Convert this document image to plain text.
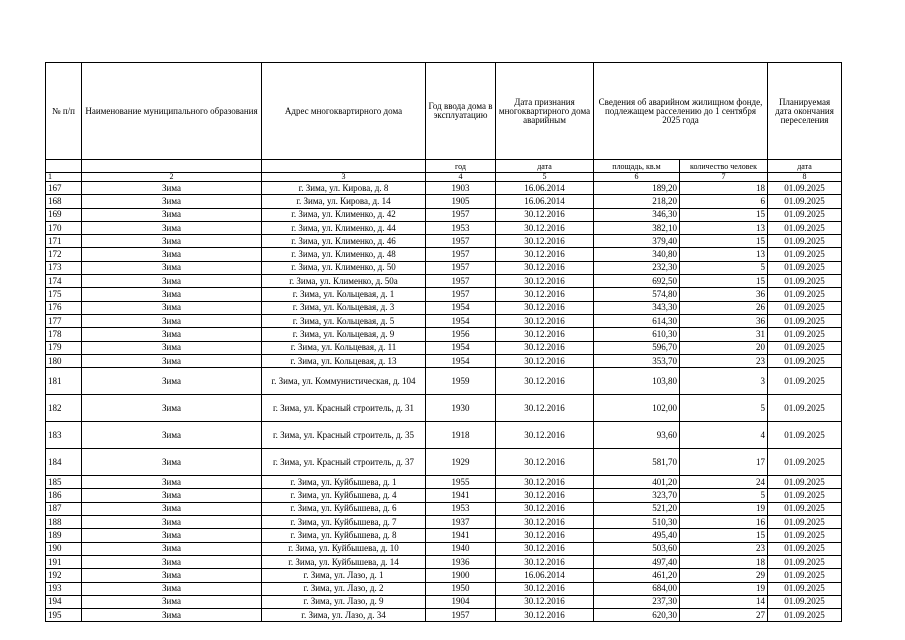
№ п/п	Наименование муниципального образования	Адрес многоквартирного дома	Год ввода дома в эксплуатацию	Дата признания многоквартирного дома аварийным	Сведения об аварийном жилищном фонде, подлежащем расселению до 1 сентября 2025 года		Планируемая дата окончания переселения
			год	дата	площадь, кв.м	количество человек	дата
1	2	3	4	5	6	7	8
167	Зима	г. Зима, ул. Кирова, д. 8	1903	16.06.2014	189,20	18	01.09.2025
168	Зима	г. Зима, ул. Кирова, д. 14	1905	16.06.2014	218,20	6	01.09.2025
169	Зима	г. Зима, ул. Клименко, д. 42	1957	30.12.2016	346,30	15	01.09.2025
170	Зима	г. Зима, ул. Клименко, д. 44	1953	30.12.2016	382,10	13	01.09.2025
171	Зима	г. Зима, ул. Клименко, д. 46	1957	30.12.2016	379,40	15	01.09.2025
172	Зима	г. Зима, ул. Клименко, д. 48	1957	30.12.2016	340,80	13	01.09.2025
173	Зима	г. Зима, ул. Клименко, д. 50	1957	30.12.2016	232,30	5	01.09.2025
174	Зима	г. Зима, ул. Клименко, д. 50а	1957	30.12.2016	692,50	15	01.09.2025
175	Зима	г. Зима, ул. Кольцевая, д. 1	1957	30.12.2016	574,80	36	01.09.2025
176	Зима	г. Зима, ул. Кольцевая, д. 3	1954	30.12.2016	343,30	26	01.09.2025
177	Зима	г. Зима, ул. Кольцевая, д. 5	1954	30.12.2016	614,30	36	01.09.2025
178	Зима	г. Зима, ул. Кольцевая, д. 9	1956	30.12.2016	610,30	31	01.09.2025
179	Зима	г. Зима, ул. Кольцевая, д. 11	1954	30.12.2016	596,70	20	01.09.2025
180	Зима	г. Зима, ул. Кольцевая, д. 13	1954	30.12.2016	353,70	23	01.09.2025
181	Зима	г. Зима, ул. Коммунистическая, д. 104	1959	30.12.2016	103,80	3	01.09.2025
182	Зима	г. Зима, ул. Красный строитель, д. 31	1930	30.12.2016	102,00	5	01.09.2025
183	Зима	г. Зима, ул. Красный строитель, д. 35	1918	30.12.2016	93,60	4	01.09.2025
184	Зима	г. Зима, ул. Красный строитель, д. 37	1929	30.12.2016	581,70	17	01.09.2025
185	Зима	г. Зима, ул. Куйбышева, д. 1	1955	30.12.2016	401,20	24	01.09.2025
186	Зима	г. Зима, ул. Куйбышева, д. 4	1941	30.12.2016	323,70	5	01.09.2025
187	Зима	г. Зима, ул. Куйбышева, д. 6	1953	30.12.2016	521,20	19	01.09.2025
188	Зима	г. Зима, ул. Куйбышева, д. 7	1937	30.12.2016	510,30	16	01.09.2025
189	Зима	г. Зима, ул. Куйбышева, д. 8	1941	30.12.2016	495,40	15	01.09.2025
190	Зима	г. Зима, ул. Куйбышева, д. 10	1940	30.12.2016	503,60	23	01.09.2025
191	Зима	г. Зима, ул. Куйбышева, д. 14	1936	30.12.2016	497,40	18	01.09.2025
192	Зима	г. Зима, ул. Лазо, д. 1	1900	16.06.2014	461,20	29	01.09.2025
193	Зима	г. Зима, ул. Лазо, д. 2	1950	30.12.2016	684,00	19	01.09.2025
194	Зима	г. Зима, ул. Лазо, д. 9	1904	30.12.2016	237,30	14	01.09.2025
195	Зима	г. Зима, ул. Лазо, д. 34	1957	30.12.2016	620,30	27	01.09.2025
